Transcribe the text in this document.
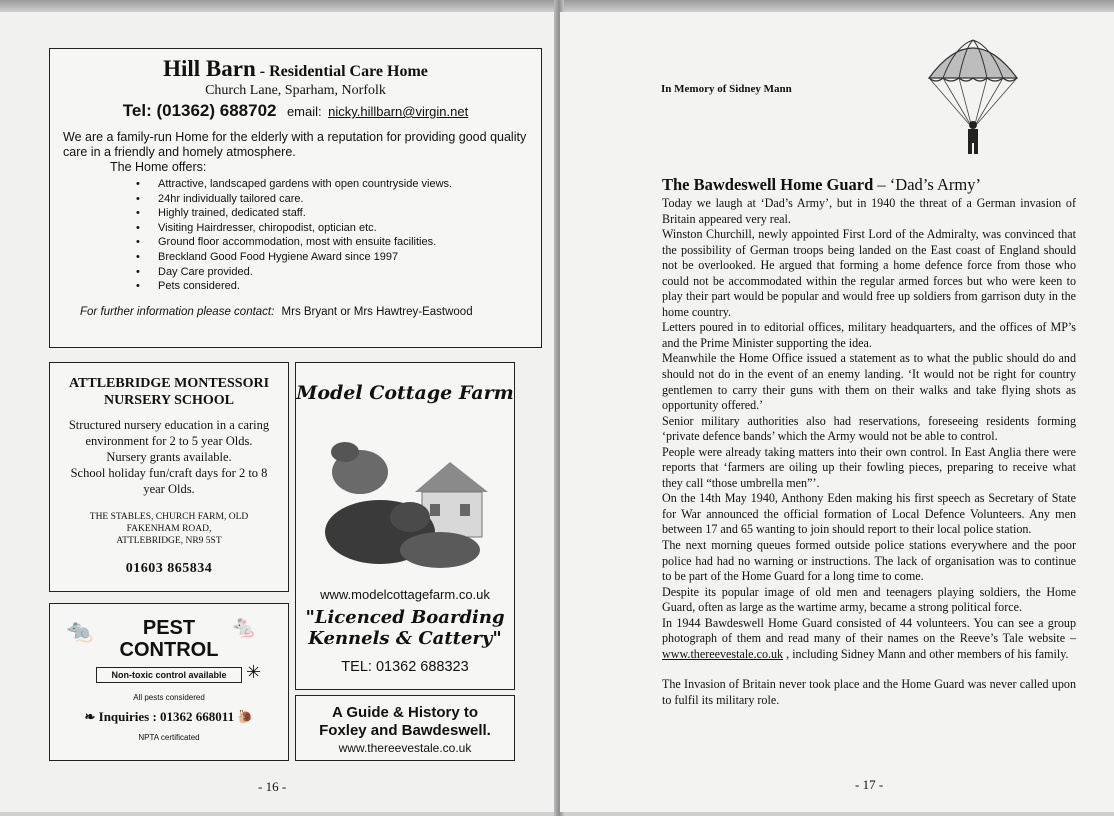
Hill Barn - Residential Care Home
Church Lane, Sparham, Norfolk
Tel: (01362) 688702 email: nicky.hillbarn@virgin.net
We are a family-run Home for the elderly with a reputation for providing good quality care in a friendly and homely atmosphere.
The Home offers:
• Attractive, landscaped gardens with open countryside views.
• 24hr individually tailored care.
• Highly trained, dedicated staff.
• Visiting Hairdresser, chiropodist, optician etc.
• Ground floor accommodation, most with ensuite facilities.
• Breckland Good Food Hygiene Award since 1997
• Day Care provided.
• Pets considered.
For further information please contact: Mrs Bryant or Mrs Hawtrey-Eastwood
ATTLEBRIDGE MONTESSORI
NURSERY SCHOOL
Structured nursery education in a caring
environment for 2 to 5 year Olds.
Nursery grants available.
School holiday fun/craft days for 2 to 8
year Olds.
THE STABLES, CHURCH FARM, OLD
FAKENHAM ROAD,
ATTLEBRIDGE, NR9 5ST
01603 865834
🐀	🐁
✳
PEST
CONTROL
Non-toxic control available
All pests considered
❧ Inquiries : 01362 668011 🐌
NPTA certificated
Model Cottage Farm
www.modelcottagefarm.co.uk
"Licenced Boarding
Kennels & Cattery"
TEL: 01362 688323
A Guide & History to
Foxley and Bawdeswell.
www.thereevestale.co.uk
- 16 -
In Memory of Sidney Mann

The Bawdeswell Home Guard – ‘Dad’s Army’

Today we laugh at ‘Dad’s Army’, but in 1940 the threat of a German invasion of Britain appeared very real.

Winston Churchill, newly appointed First Lord of the Admiralty, was convinced that the possibility of German troops being landed on the East coast of England should not be overlooked. He argued that forming a home defence force from those who could not be accommodated within the regular armed forces but who were keen to play their part would be popular and would free up soldiers from garrison duty in the home country.

Letters poured in to editorial offices, military headquarters, and the offices of MP’s and the Prime Minister supporting the idea.

Meanwhile the Home Office issued a statement as to what the public should do and should not do in the event of an enemy landing. ‘It would not be right for country gentlemen to carry their guns with them on their walks and take flying shots as opportunity offered.’

Senior military authorities also had reservations, foreseeing residents forming ‘private defence bands’ which the Army would not be able to control.

People were already taking matters into their own control. In East Anglia there were reports that ‘farmers are oiling up their fowling pieces, preparing to receive what they call “those umbrella men”’.

On the 14th May 1940, Anthony Eden making his first speech as Secretary of State for War announced the official formation of Local Defence Volunteers. Any men between 17 and 65 wanting to join should report to their local police station.

The next morning queues formed outside police stations everywhere and the poor police had had no warning or instructions. The lack of organisation was to continue to be part of the Home Guard for a long time to come.

Despite its popular image of old men and teenagers playing soldiers, the Home Guard, often as large as the wartime army, became a strong political force.

In 1944 Bawdeswell Home Guard consisted of 44 volunteers. You can see a group photograph of them and read many of their names on the Reeve’s Tale website – www.thereevestale.co.uk , including Sidney Mann and other members of his family.

The Invasion of Britain never took place and the Home Guard was never called upon to fulfil its military role.

- 17 -
